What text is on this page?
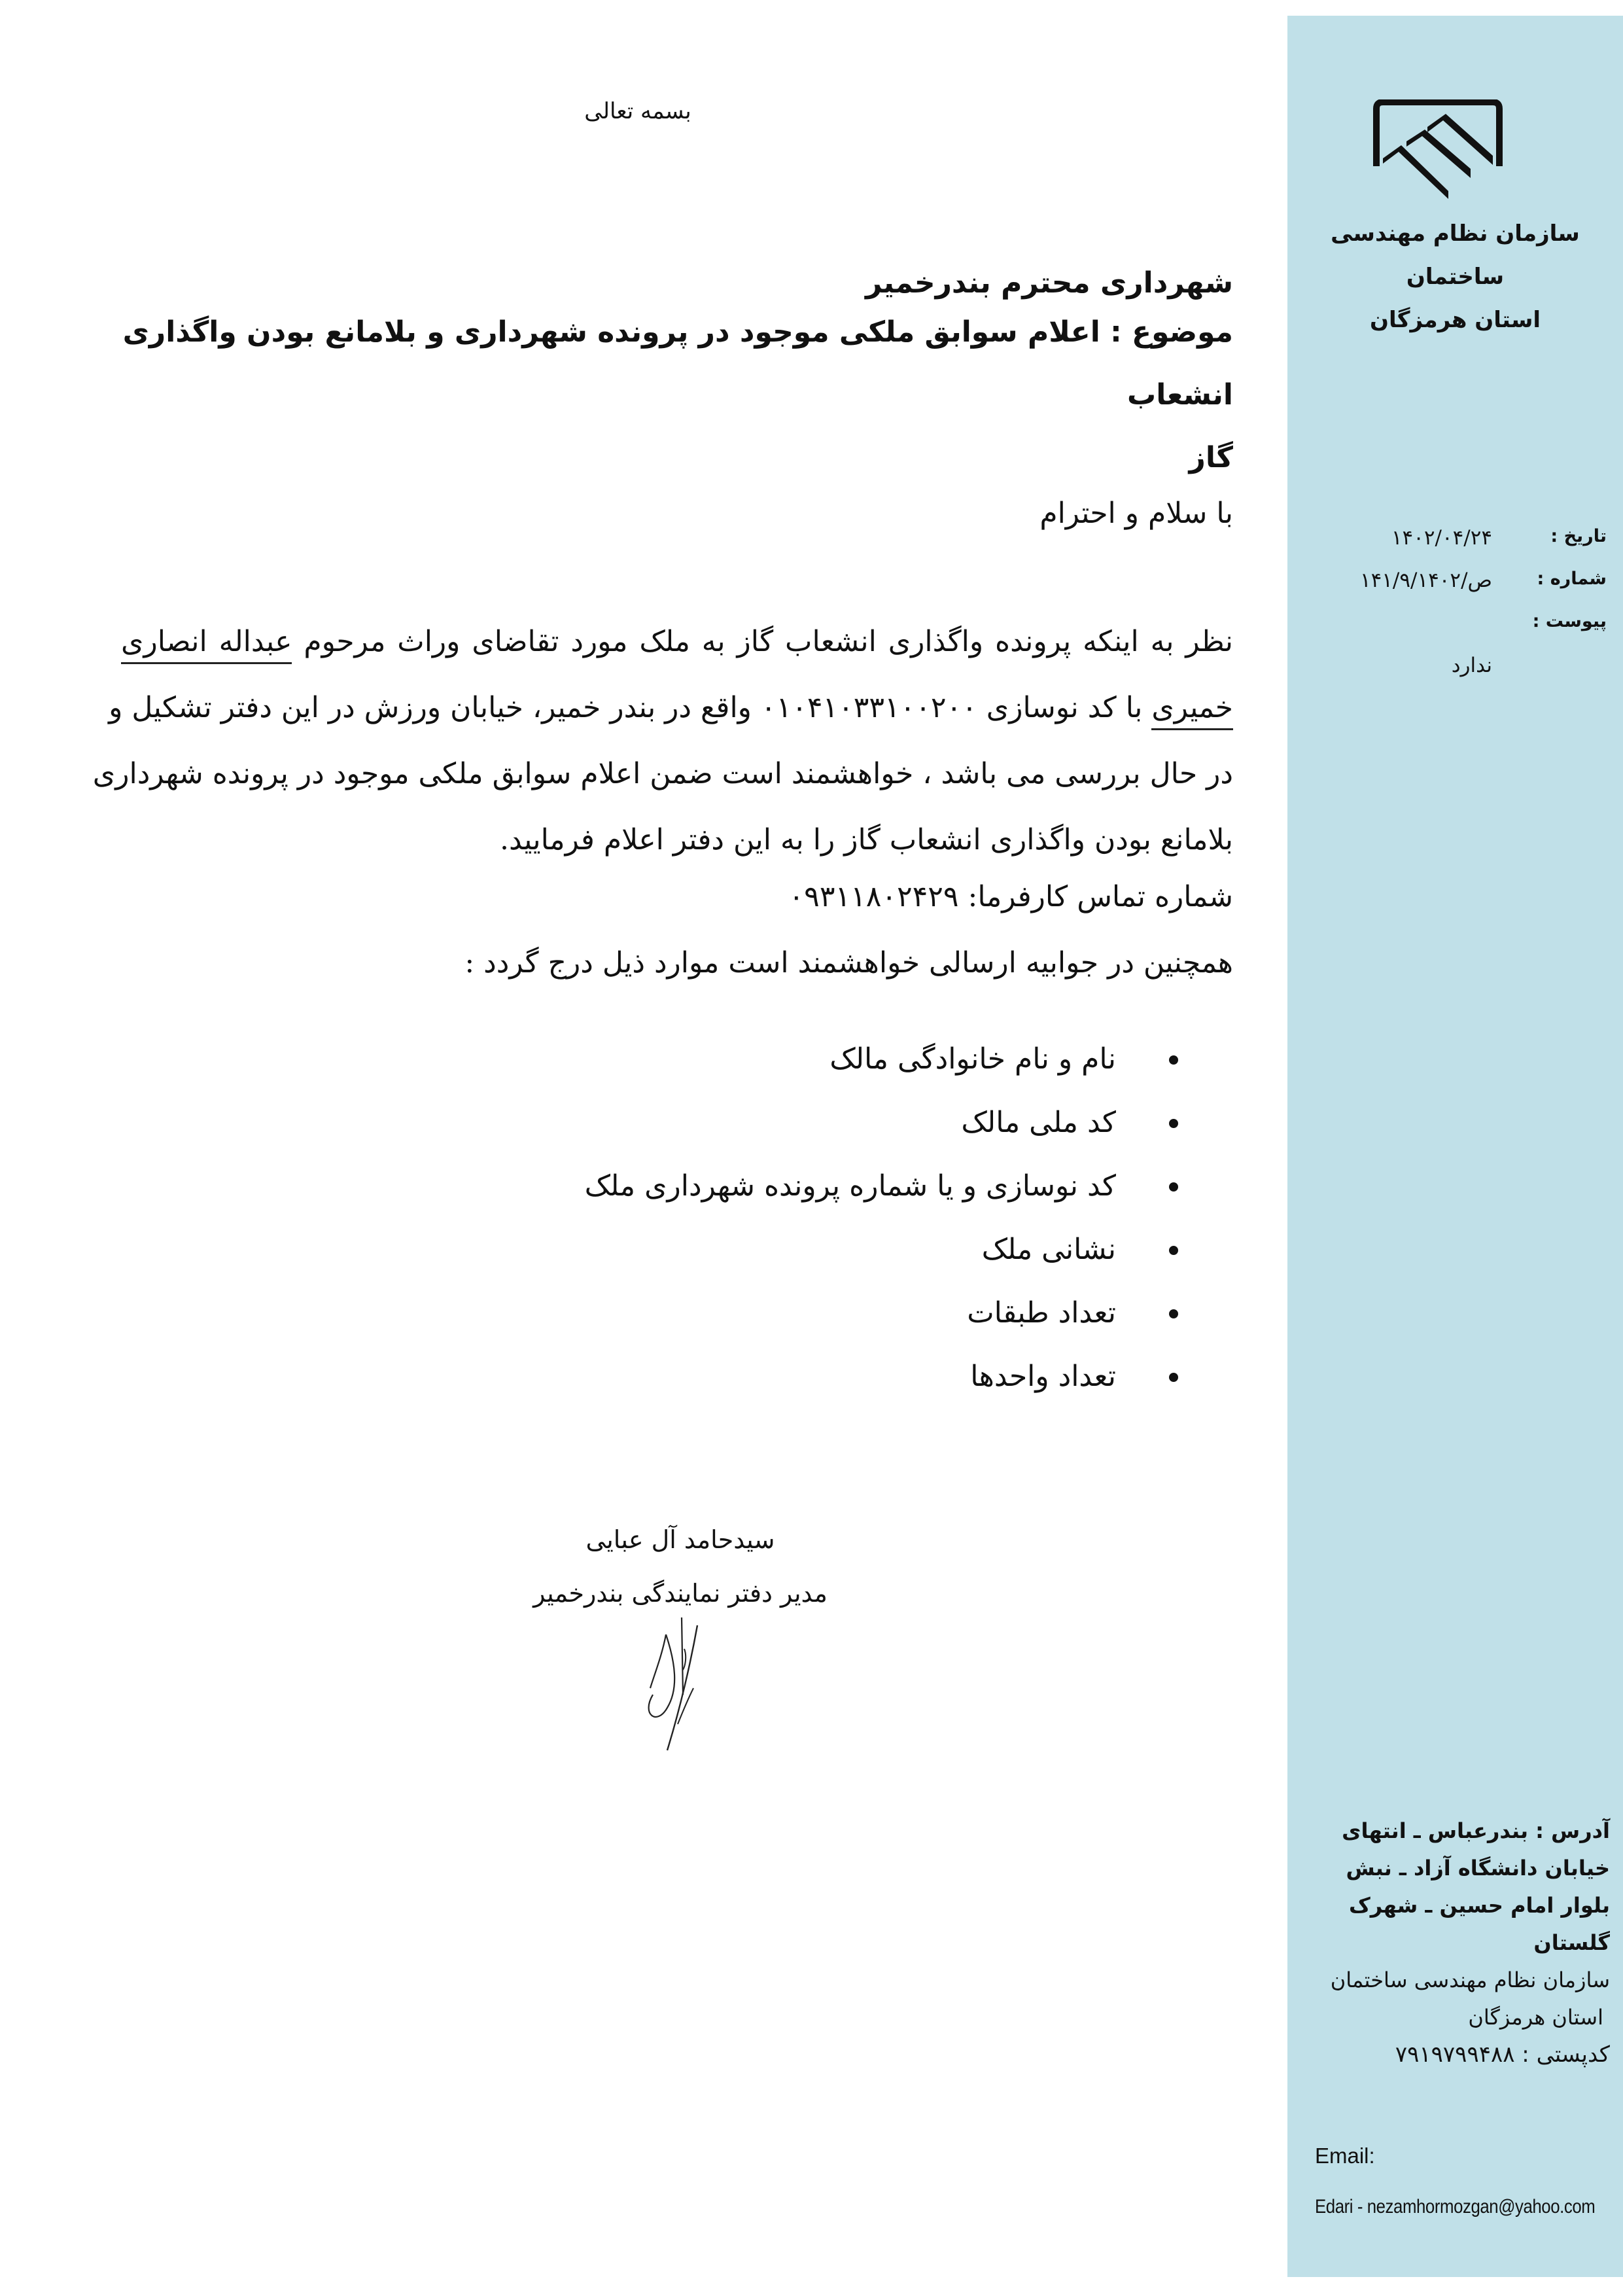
سازمان نظام مهندسی ساختمان
استان هرمزگان
تاریخ :
۱۴۰۲/۰۴/۲۴
شماره :
ص/۱۴۱/۹/۱۴۰۲
پیوست :
ندارد
آدرس : بندرعباس ـ انتهای
خیابان دانشگاه آزاد ـ نبش
بلوار امام حسین ـ شهرک
گلستان
سازمان نظام مهندسی ساختمان
استان هرمزگان
کدپستی : ۷۹۱۹۷۹۹۴۸۸
Email:
Edari - nezamhormozgan@yahoo.com
بسمه تعالی
شهرداری محترم بندرخمیر
موضوع : اعلام سوابق ملکی موجود در پرونده شهرداری و بلامانع بودن واگذاری انشعاب
گاز
با سلام و احترام
نظر به اینکه پرونده واگذاری انشعاب گاز به ملک مورد تقاضای وراث مرحوم عبداله انصاری
خمیری با کد نوسازی ۰۱۰۴۱۰۳۳۱۰۰۲۰۰ واقع در بندر خمیر، خیابان ورزش در این دفتر تشکیل و
در حال بررسی می باشد ، خواهشمند است ضمن اعلام سوابق ملکی موجود در پرونده شهرداری
بلامانع بودن واگذاری انشعاب گاز را به این دفتر اعلام فرمایید.
شماره تماس کارفرما: ۰۹۳۱۱۸۰۲۴۲۹
همچنین در جوابیه ارسالی خواهشمند است موارد ذیل درج گردد :
نام و نام خانوادگی مالک
کد ملی مالک
کد نوسازی و یا شماره پرونده شهرداری ملک
نشانی ملک
تعداد طبقات
تعداد واحدها
سیدحامد آل عبایی
مدیر دفتر نمایندگی بندرخمیر
